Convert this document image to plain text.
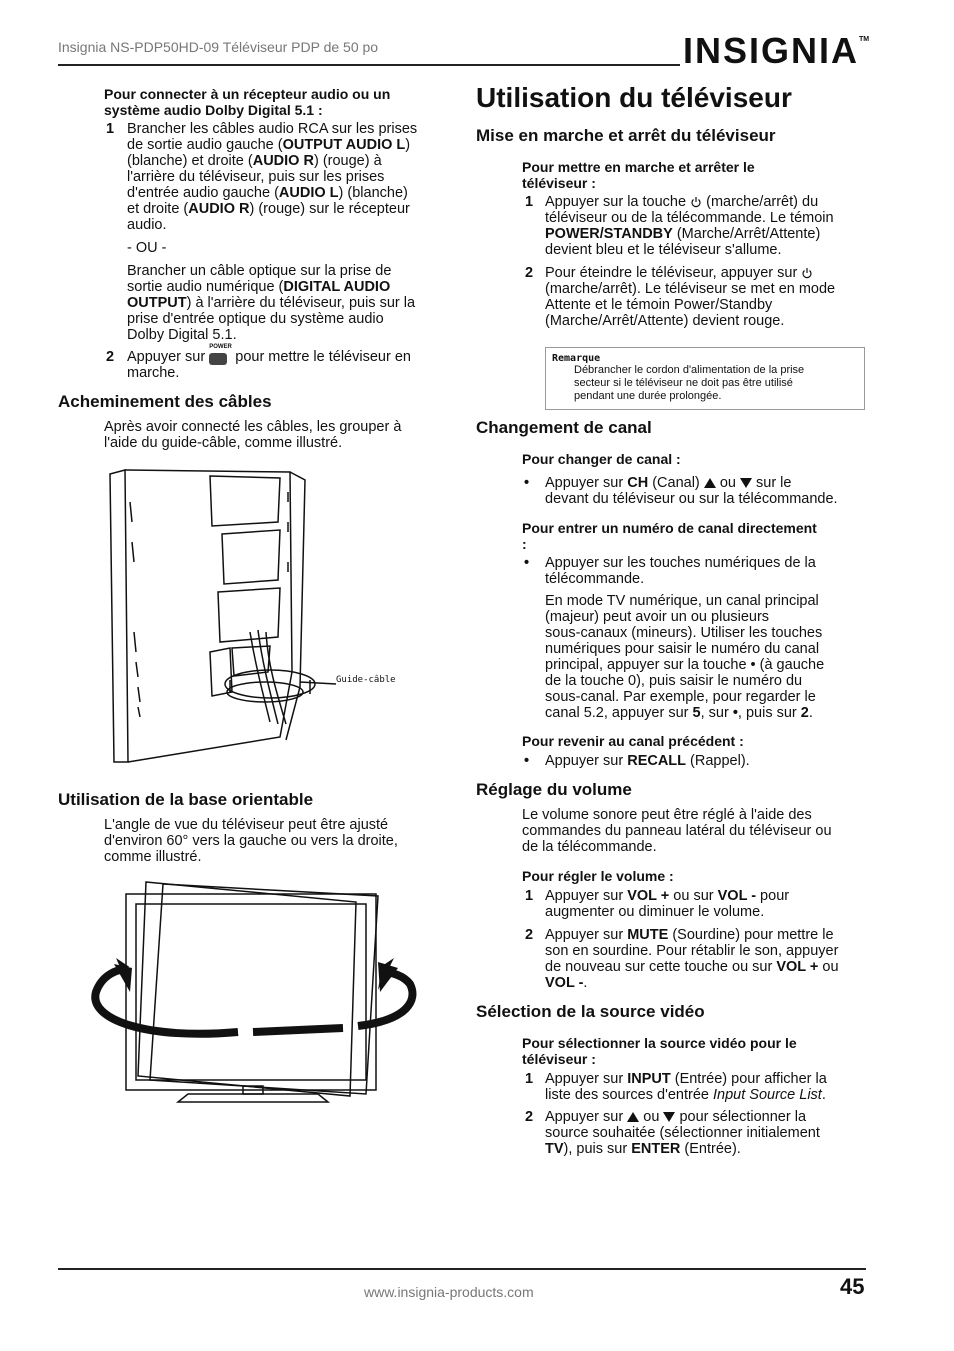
Insignia NS-PDP50HD-09 Téléviseur PDP de 50 po	INSIGNIA™
Pour connecter à un récepteur audio ou un système audio Dolby Digital 5.1 :
1 Brancher les câbles audio RCA sur les prises

de sortie audio gauche (OUTPUT AUDIO L)

(blanche) et droite (AUDIO R) (rouge) à

l'arrière du téléviseur, puis sur les prises

d'entrée audio gauche (AUDIO L) (blanche)

et droite (AUDIO R) (rouge) sur le récepteur

audio.

- OU -

Brancher un câble optique sur la prise de

sortie audio numérique (DIGITAL AUDIO

OUTPUT) à l'arrière du téléviseur, puis sur la

prise d'entrée optique du système audio

Dolby Digital 5.1.

2 Appuyer sur
POWER
pour mettre le téléviseur en

marche.

Acheminement des câbles

Après avoir connecté les câbles, les grouper à

l'aide du guide-câble, comme illustré.

Guide-câble
Utilisation de la base orientable

L'angle de vue du téléviseur peut être ajusté

d'environ 60° vers la gauche ou vers la droite,

comme illustré.

Utilisation du téléviseur
Mise en marche et arrêt du téléviseur
Pour mettre en marche et arrêter le téléviseur :
1 Appuyer sur la touche (marche/arrêt) du

téléviseur ou de la télécommande. Le témoin

POWER/STANDBY (Marche/Arrêt/Attente)

devient bleu et le téléviseur s'allume.

2 Pour éteindre le téléviseur, appuyer sur

(marche/arrêt). Le téléviseur se met en mode

Attente et le témoin Power/Standby

(Marche/Arrêt/Attente) devient rouge.

Remarque
Débrancher le cordon d'alimentation de la prise
secteur si le téléviseur ne doit pas être utilisé
pendant une durée prolongée.
Changement de canal
Pour changer de canal :
• Appuyer sur CH (Canal) ou sur le

devant du téléviseur ou sur la télécommande.

Pour entrer un numéro de canal directement :
• Appuyer sur les touches numériques de la

télécommande.

En mode TV numérique, un canal principal

(majeur) peut avoir un ou plusieurs

sous-canaux (mineurs). Utiliser les touches

numériques pour saisir le numéro du canal

principal, appuyer sur la touche • (à gauche

de la touche 0), puis saisir le numéro du

sous-canal. Par exemple, pour regarder le

canal 5.2, appuyer sur 5, sur •, puis sur 2.

Pour revenir au canal précédent :
• Appuyer sur RECALL (Rappel).

Réglage du volume

Le volume sonore peut être réglé à l'aide des

commandes du panneau latéral du téléviseur ou

de la télécommande.

Pour régler le volume :
1 Appuyer sur VOL + ou sur VOL - pour

augmenter ou diminuer le volume.

2 Appuyer sur MUTE (Sourdine) pour mettre le

son en sourdine. Pour rétablir le son, appuyer

de nouveau sur cette touche ou sur VOL + ou

VOL -.

Sélection de la source vidéo
Pour sélectionner la source vidéo pour le téléviseur :
1 Appuyer sur INPUT (Entrée) pour afficher la

liste des sources d'entrée Input Source List.

2 Appuyer sur ou pour sélectionner la

source souhaitée (sélectionner initialement

TV), puis sur ENTER (Entrée).

www.insignia-products.com	45
